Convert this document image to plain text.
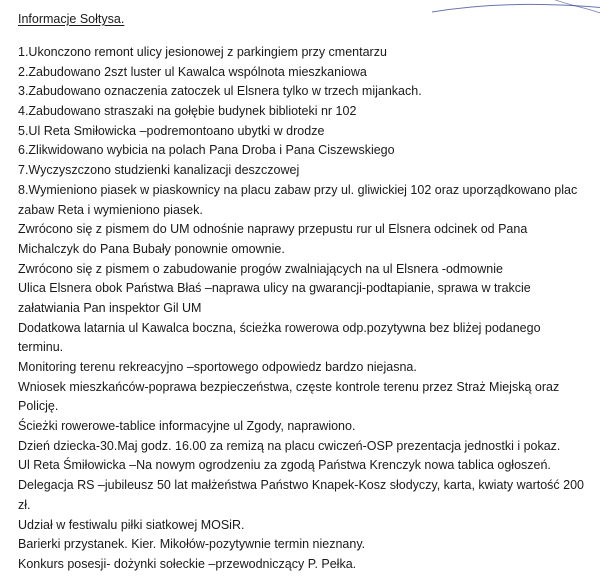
Informacje Sołtysa.
1.Ukonczono remont ulicy jesionowej z parkingiem przy cmentarzu
2.Zabudowano 2szt luster ul Kawalca wspólnota mieszkaniowa
3.Zabudowano oznaczenia zatoczek ul Elsnera tylko w trzech mijankach.
4.Zabudowano straszaki na gołębie budynek biblioteki nr 102
5.Ul Reta Smiłowicka –podremontoano ubytki w drodze
6.Zlikwidowano wybicia na polach Pana Droba i Pana Ciszewskiego
7.Wyczyszczono studzienki kanalizacji deszczowej
8.Wymieniono piasek w piaskownicy na placu zabaw przy ul. gliwickiej 102 oraz uporządkowano plac
zabaw Reta i wymieniono piasek.
Zwrócono się z pismem do UM odnośnie naprawy przepustu rur ul Elsnera odcinek od Pana
Michalczyk do Pana Bubały ponownie omownie.
Zwrócono się z pismem o zabudowanie progów zwalniających na ul Elsnera -odmownie
Ulica Elsnera obok Państwa Błaś –naprawa ulicy na gwarancji-podtapianie, sprawa w trakcie
załatwiania Pan inspektor Gil UM
Dodatkowa latarnia ul Kawalca boczna, ścieżka rowerowa odp.pozytywna bez bliżej podanego
terminu.
Monitoring terenu rekreacyjno –sportowego odpowiedz bardzo niejasna.
Wniosek mieszkańców-poprawa bezpieczeństwa, częste kontrole terenu przez Straż Miejską oraz
Policję.
Ścieżki rowerowe-tablice informacyjne ul Zgody, naprawiono.
Dzień dziecka-30.Maj godz. 16.00 za remizą na placu cwiczeń-OSP prezentacja jednostki i pokaz.
Ul Reta Śmiłowicka –Na nowym ogrodzeniu za zgodą Państwa Krenczyk nowa tablica ogłoszeń.
Delegacja RS –jubileusz 50 lat małżeństwa Państwo Knapek-Kosz słodyczy, karta, kwiaty wartość 200
zł.
Udział w festiwalu piłki siatkowej MOSiR.
Barierki przystanek. Kier. Mikołów-pozytywnie termin nieznany.
Konkurs posesji- dożynki sołeckie –przewodniczący P. Pełka.
